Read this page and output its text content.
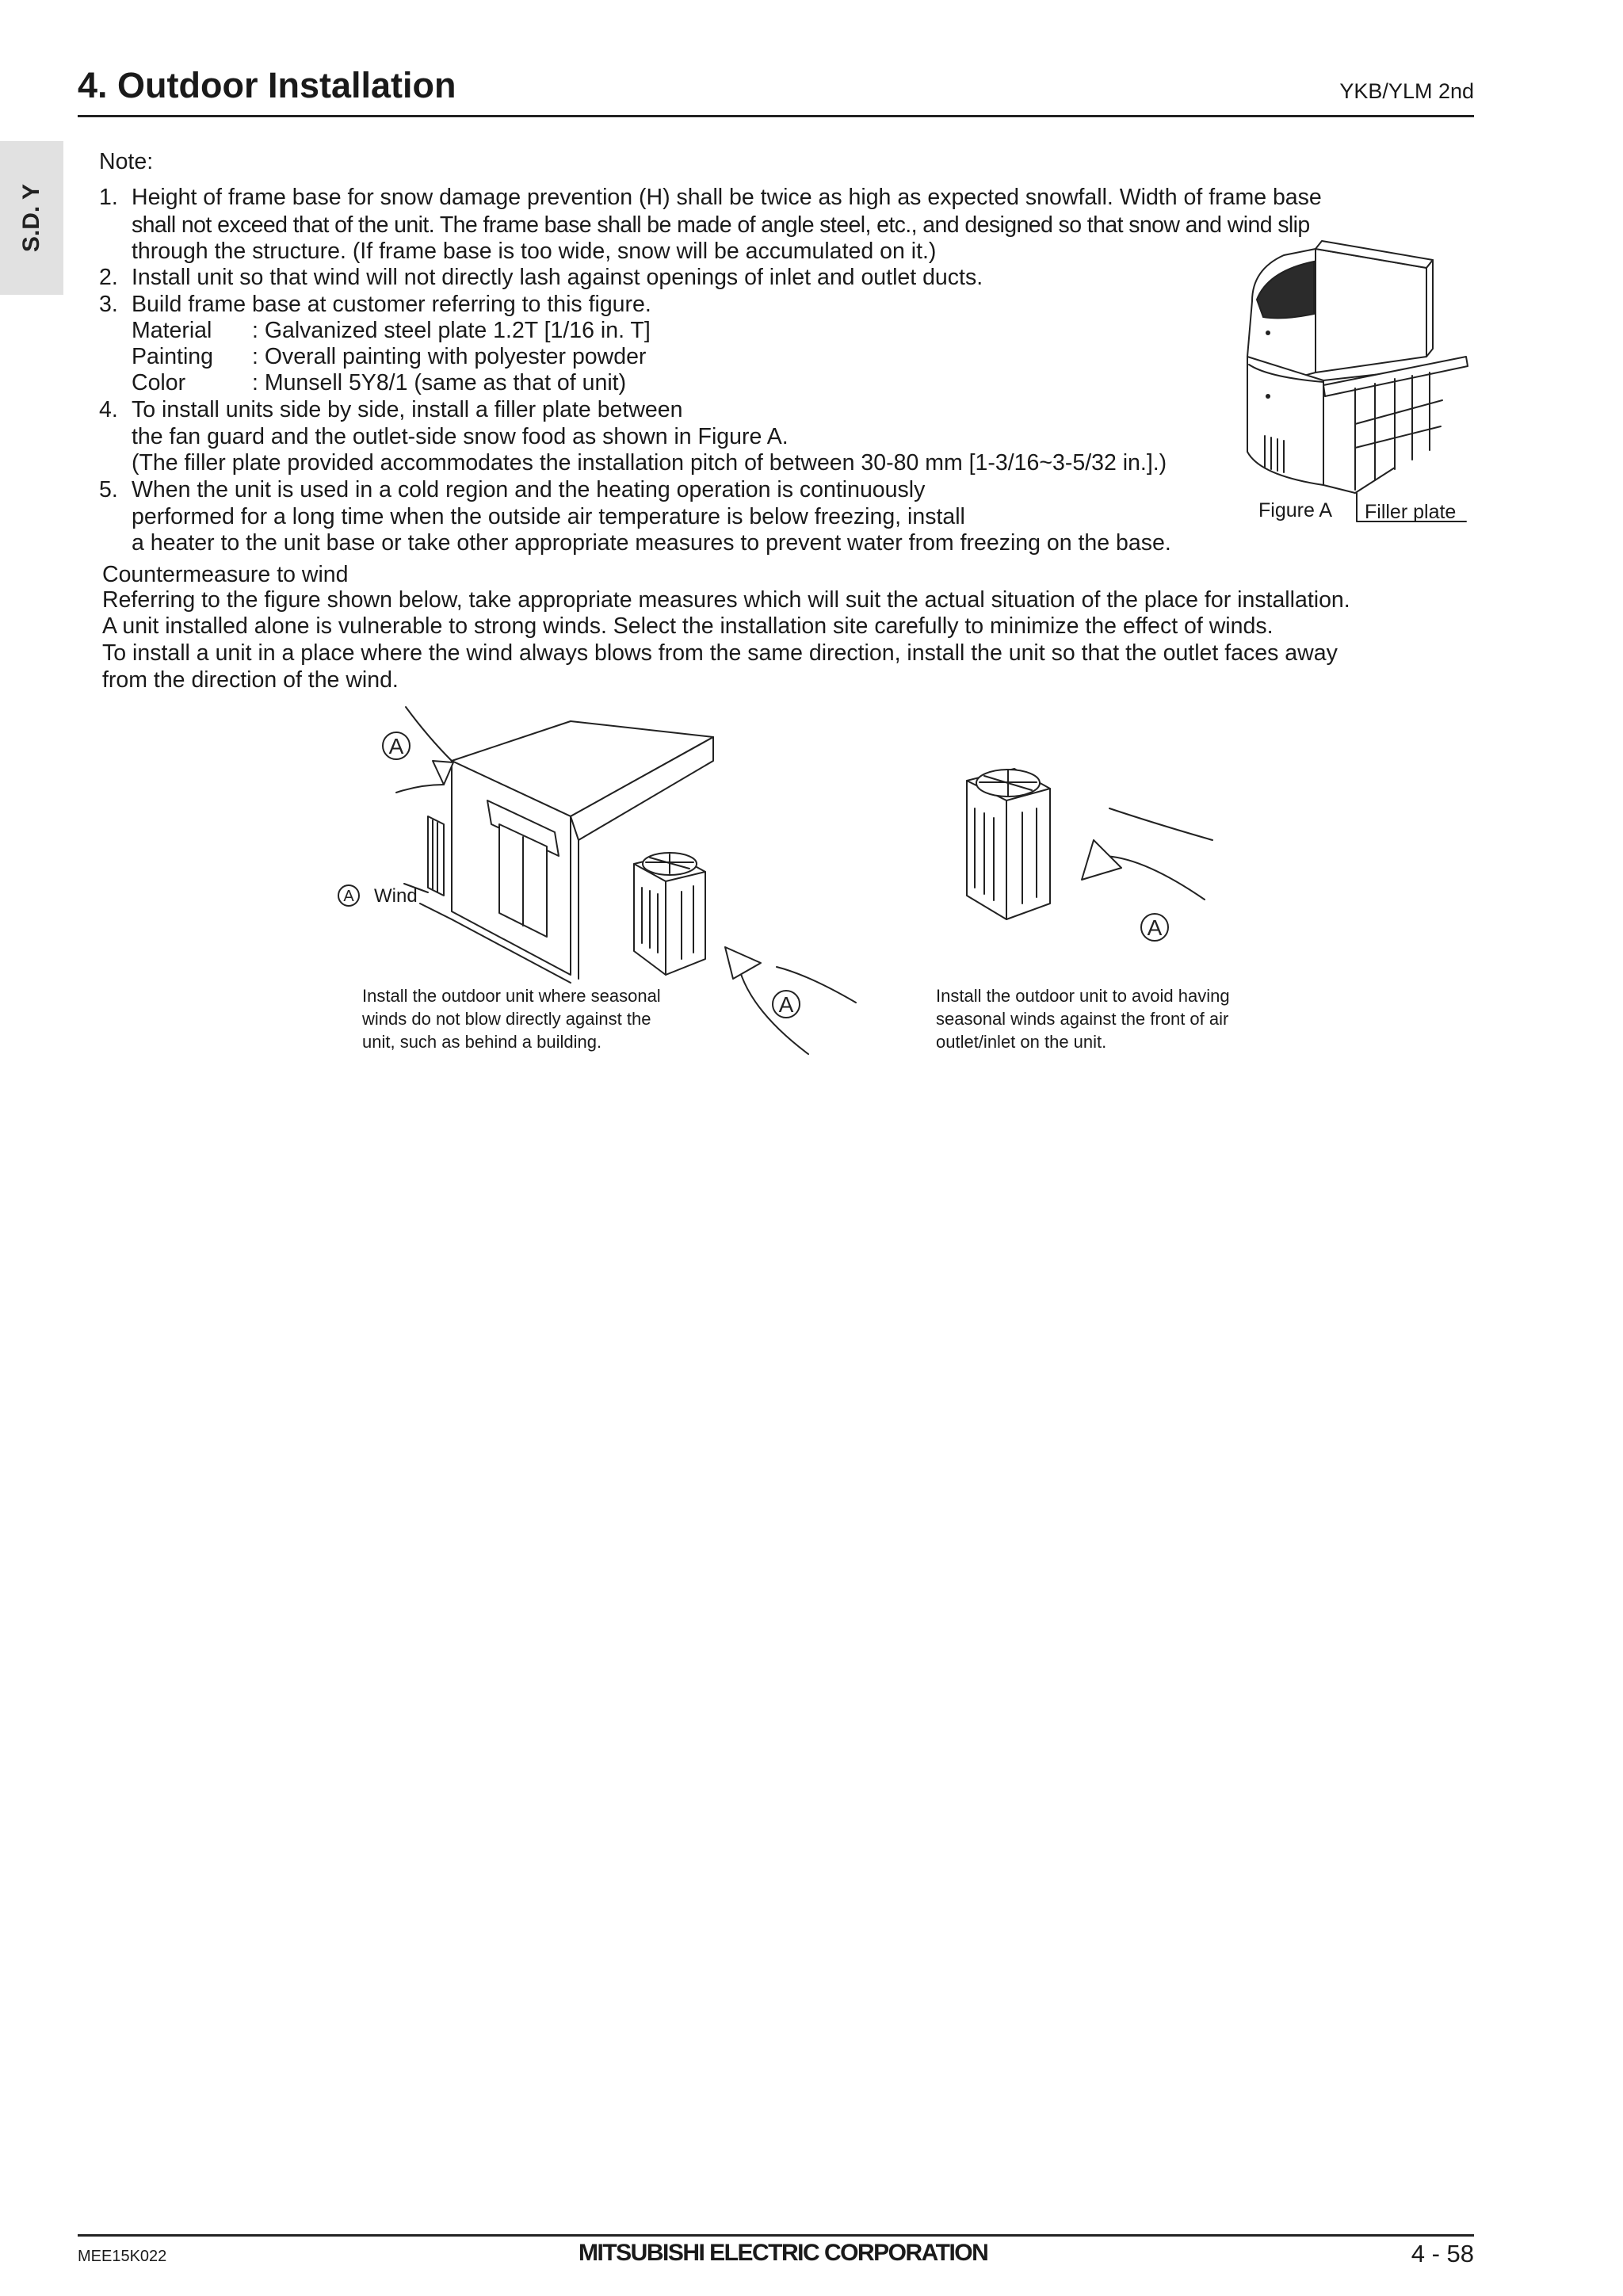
4. Outdoor Installation	YKB/YLM 2nd
S.D. Y
Note:
1. Height of frame base for snow damage prevention (H) shall be twice as high as expected snowfall. Width of frame base
shall not exceed that of the unit. The frame base shall be made of angle steel, etc., and designed so that snow and wind slip
through the structure. (If frame base is too wide, snow will be accumulated on it.)
2. Install unit so that wind will not directly lash against openings of inlet and outlet ducts.
3. Build frame base at customer referring to this figure.
Material : Galvanized steel plate 1.2T [1/16 in. T]
Painting : Overall painting with polyester powder
Color	: Munsell 5Y8/1 (same as that of unit)
4. To install units side by side, install a filler plate between
the fan guard and the outlet-side snow food as shown in Figure A.
(The filler plate provided accommodates the installation pitch of between 30-80 mm [1-3/16~3-5/32 in.].)
5. When the unit is used in a cold region and the heating operation is continuously
performed for a long time when the outside air temperature is below freezing, install
a heater to the unit base or take other appropriate measures to prevent water from freezing on the base.
Figure A Filler plate
Countermeasure to wind
Referring to the figure shown below, take appropriate measures which will suit the actual situation of the place for installation.
A unit installed alone is vulnerable to strong winds. Select the installation site carefully to minimize the effect of winds.
To install a unit in a place where the wind always blows from the same direction, install the unit so that the outlet faces away
from the direction of the wind.
A
A
A Wind
Install the outdoor unit where seasonal
winds do not blow directly against the
unit, such as behind a building.
A
Install the outdoor unit to avoid having
seasonal winds against the front of air
outlet/inlet on the unit.
MEE15K022	MITSUBISHI ELECTRIC CORPORATION	4 - 58
